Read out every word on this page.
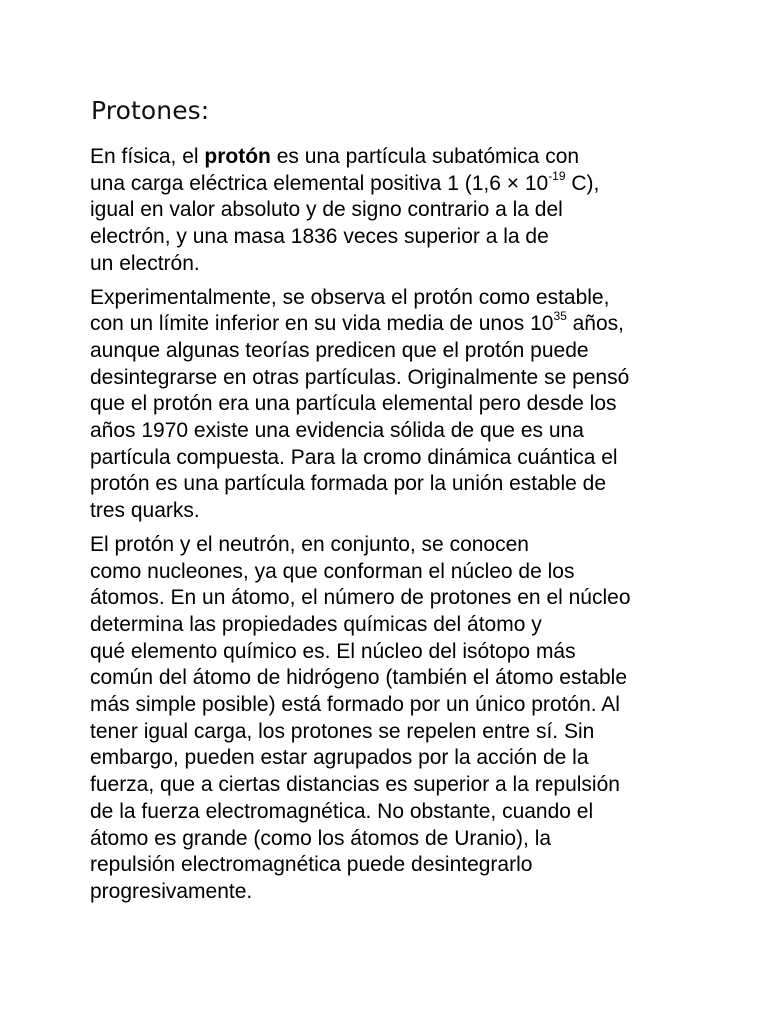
Protones:

En física, el protón es una partícula subatómica con
una carga eléctrica elemental positiva 1 ($1,6 \times 10^{-19}$ C),
igual en valor absoluto y de signo contrario a la del
electrón, y una masa 1836 veces superior a la de
un electrón.

Experimentalmente, se observa el protón como estable,
con un límite inferior en su vida media de unos $10^{35}$ años,
aunque algunas teorías predicen que el protón puede
desintegrarse en otras partículas. Originalmente se pensó
que el protón era una partícula elemental pero desde los
años 1970 existe una evidencia sólida de que es una
partícula compuesta. Para la cromo dinámica cuántica el
protón es una partícula formada por la unión estable de
tres quarks.

El protón y el neutrón, en conjunto, se conocen
como nucleones, ya que conforman el núcleo de los
átomos. En un átomo, el número de protones en el núcleo
determina las propiedades químicas del átomo y
qué elemento químico es. El núcleo del isótopo más
común del átomo de hidrógeno (también el átomo estable
más simple posible) está formado por un único protón. Al
tener igual carga, los protones se repelen entre sí. Sin
embargo, pueden estar agrupados por la acción de la
fuerza, que a ciertas distancias es superior a la repulsión
de la fuerza electromagnética. No obstante, cuando el
átomo es grande (como los átomos de Uranio), la
repulsión electromagnética puede desintegrarlo
progresivamente.
